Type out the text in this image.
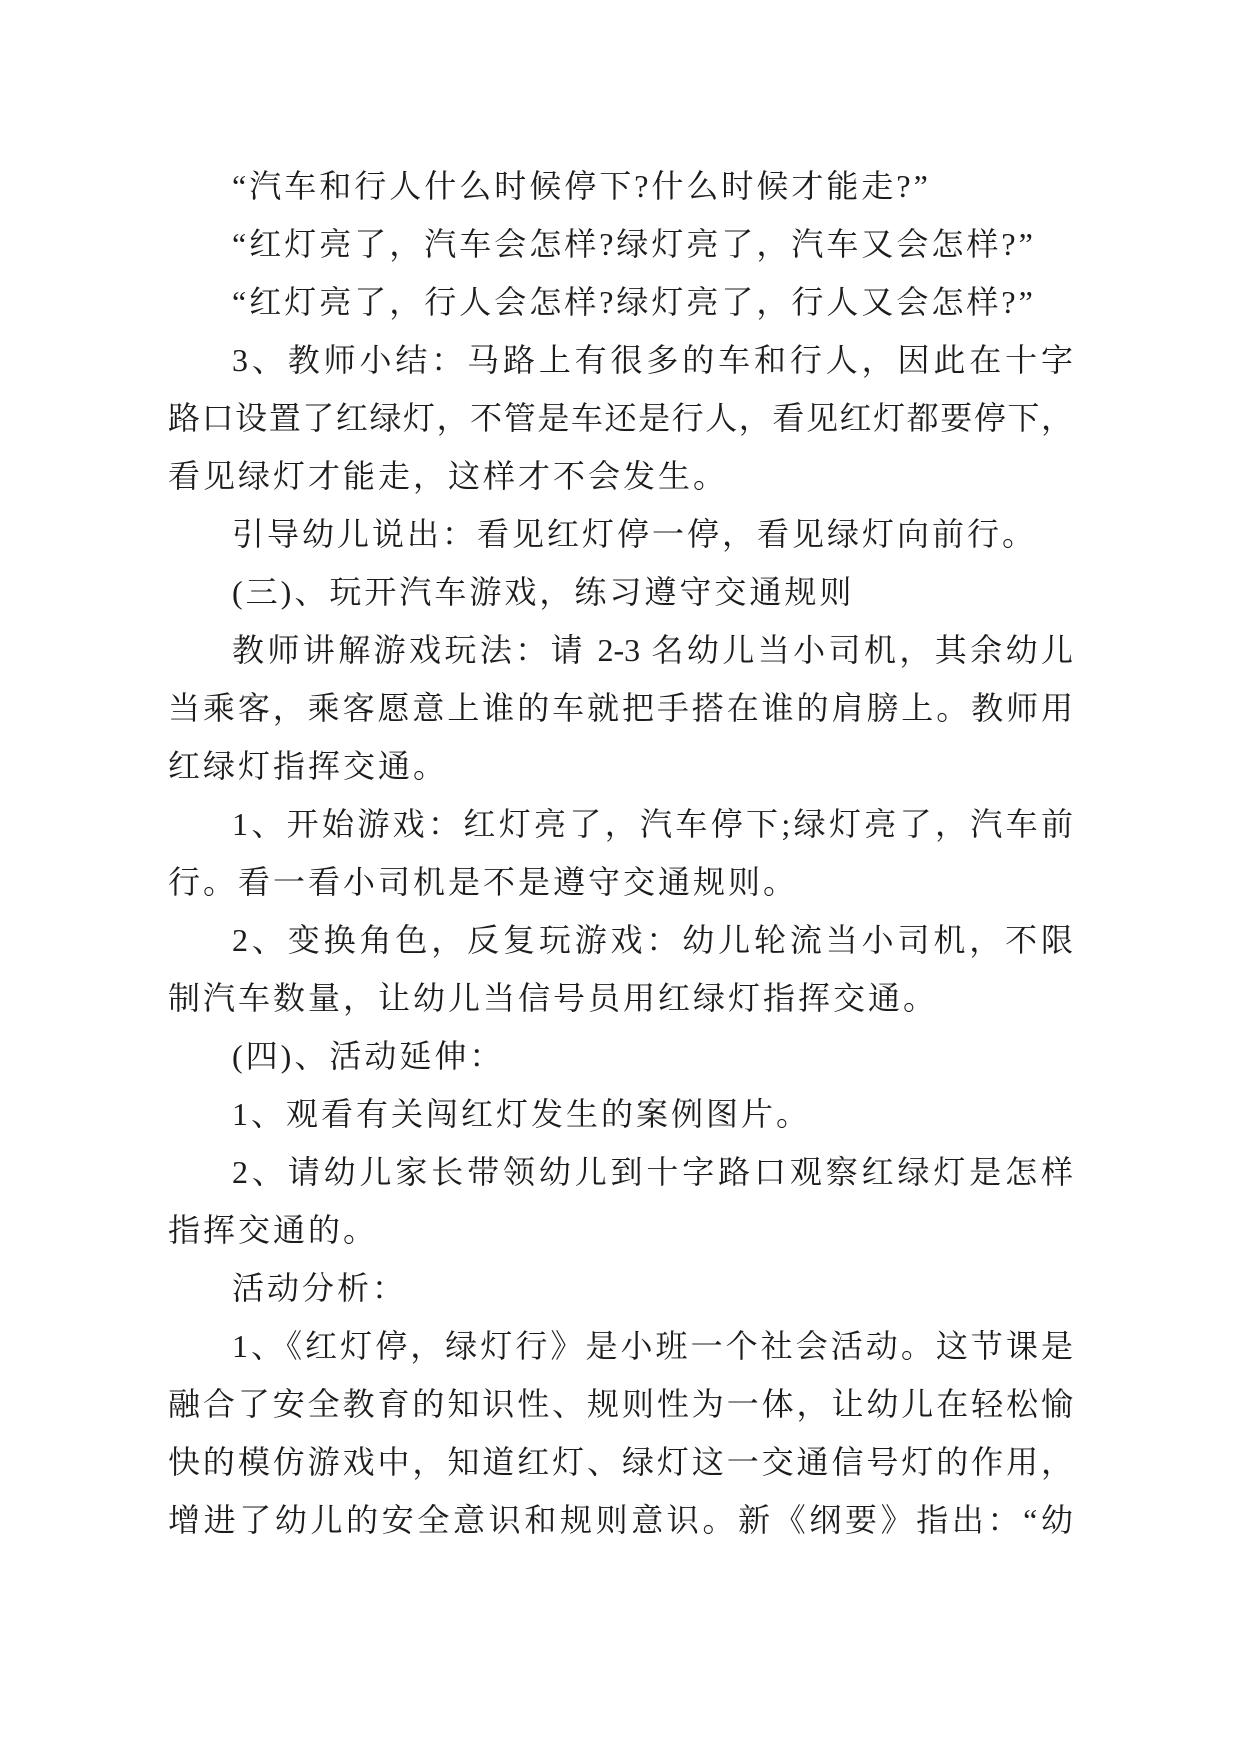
“汽车和行人什么时候停下?什么时候才能走?”
“红灯亮了，汽车会怎样?绿灯亮了，汽车又会怎样?”
“红灯亮了，行人会怎样?绿灯亮了，行人又会怎样?”
3、教师小结：马路上有很多的车和行人，因此在十字
路口设置了红绿灯，不管是车还是行人，看见红灯都要停下，
看见绿灯才能走，这样才不会发生。
引导幼儿说出：看见红灯停一停，看见绿灯向前行。
(三)、玩开汽车游戏，练习遵守交通规则
教师讲解游戏玩法：请 2-3 名幼儿当小司机，其余幼儿
当乘客，乘客愿意上谁的车就把手搭在谁的肩膀上。教师用
红绿灯指挥交通。
1、开始游戏：红灯亮了，汽车停下;绿灯亮了，汽车前
行。看一看小司机是不是遵守交通规则。
2、变换角色，反复玩游戏：幼儿轮流当小司机，不限
制汽车数量，让幼儿当信号员用红绿灯指挥交通。
(四)、活动延伸：
1、观看有关闯红灯发生的案例图片。
2、请幼儿家长带领幼儿到十字路口观察红绿灯是怎样
指挥交通的。
活动分析：
1、《红灯停，绿灯行》是小班一个社会活动。这节课是
融合了安全教育的知识性、规则性为一体，让幼儿在轻松愉
快的模仿游戏中，知道红灯、绿灯这一交通信号灯的作用，
增进了幼儿的安全意识和规则意识。新《纲要》指出：“幼
